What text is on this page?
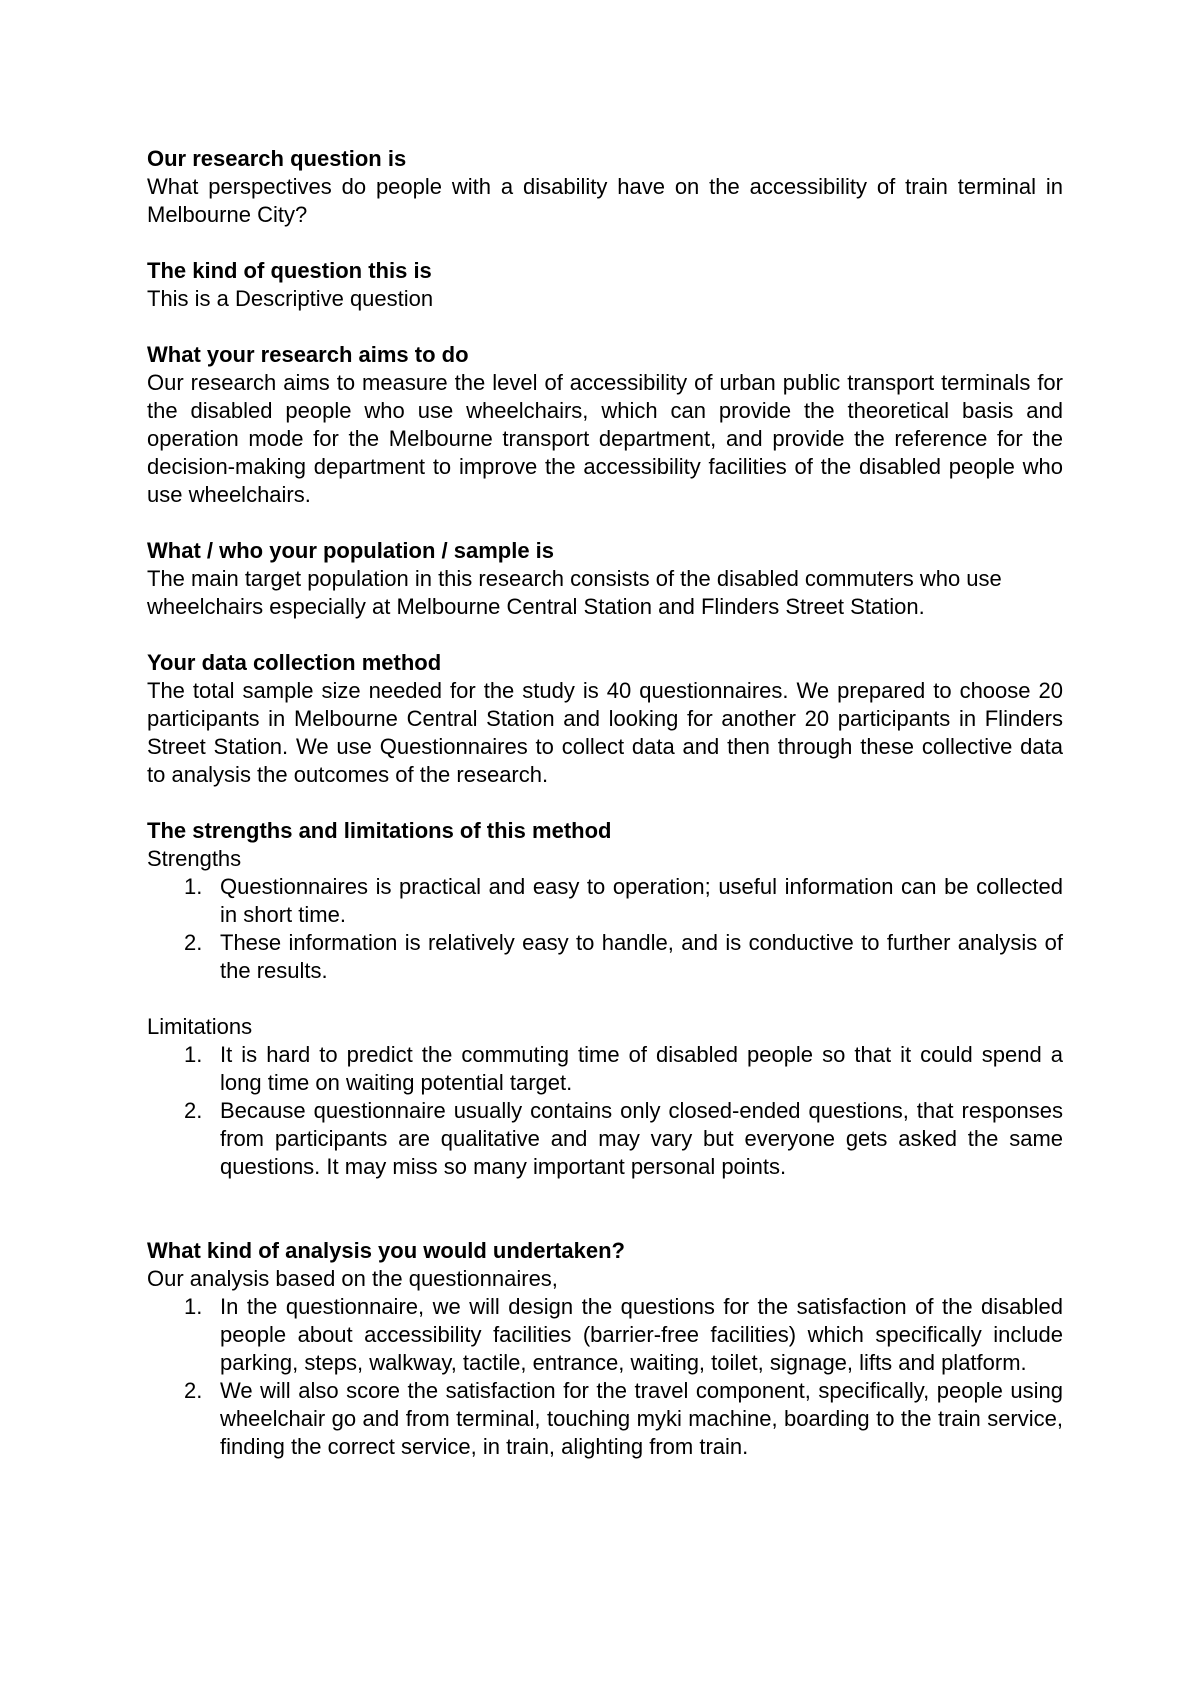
Our research question is

What perspectives do people with a disability have on the accessibility of train terminal in Melbourne City?

The kind of question this is

This is a Descriptive question

What your research aims to do

Our research aims to measure the level of accessibility of urban public transport terminals for the disabled people who use wheelchairs, which can provide the theoretical basis and operation mode for the Melbourne transport department, and provide the reference for the decision-making department to improve the accessibility facilities of the disabled people who use wheelchairs.

What / who your population / sample is

The main target population in this research consists of the disabled commuters who use wheelchairs especially at Melbourne Central Station and Flinders Street Station.

Your data collection method

The total sample size needed for the study is 40 questionnaires. We prepared to choose 20 participants in Melbourne Central Station and looking for another 20 participants in Flinders Street Station. We use Questionnaires to collect data and then through these collective data to analysis the outcomes of the research.

The strengths and limitations of this method

Strengths

1. Questionnaires is practical and easy to operation; useful information can be collected in short time.
2. These information is relatively easy to handle, and is conductive to further analysis of the results.

Limitations

1. It is hard to predict the commuting time of disabled people so that it could spend a long time on waiting potential target.
2. Because questionnaire usually contains only closed-ended questions, that responses from participants are qualitative and may vary but everyone gets asked the same questions. It may miss so many important personal points.

What kind of analysis you would undertaken?

Our analysis based on the questionnaires,

1. In the questionnaire, we will design the questions for the satisfaction of the disabled people about accessibility facilities (barrier-free facilities) which specifically include parking, steps, walkway, tactile, entrance, waiting, toilet, signage, lifts and platform.
2. We will also score the satisfaction for the travel component, specifically, people using wheelchair go and from terminal, touching myki machine, boarding to the train service, finding the correct service, in train, alighting from train.
